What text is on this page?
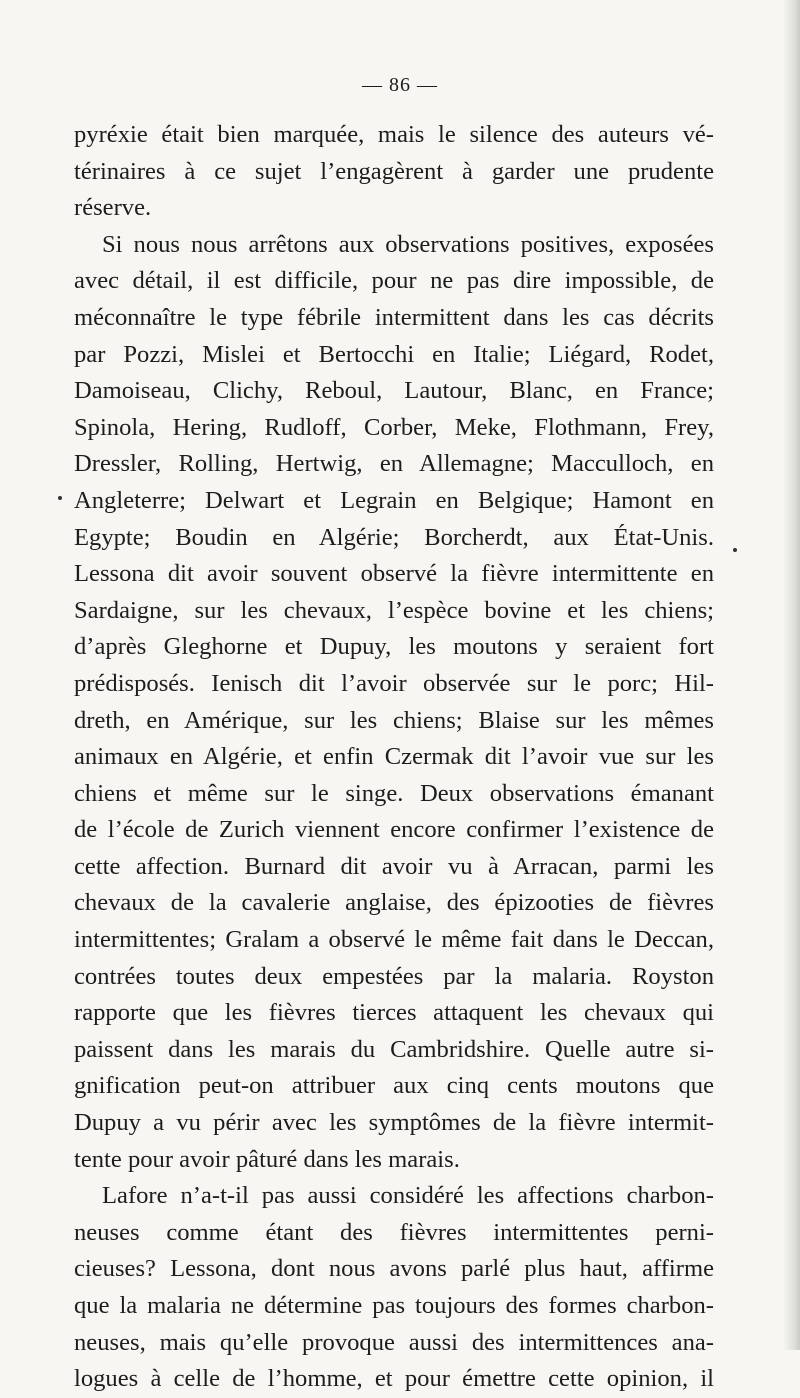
— 86 —
pyréxie était bien marquée, mais le silence des auteurs vé-
térinaires à ce sujet l’engagèrent à garder une prudente
réserve.
Si nous nous arrêtons aux observations positives, exposées
avec détail, il est difficile, pour ne pas dire impossible, de
méconnaître le type fébrile intermittent dans les cas décrits
par Pozzi, Mislei et Bertocchi en Italie; Liégard, Rodet,
Damoiseau, Clichy, Reboul, Lautour, Blanc, en France;
Spinola, Hering, Rudloff, Corber, Meke, Flothmann, Frey,
Dressler, Rolling, Hertwig, en Allemagne; Macculloch, en
Angleterre; Delwart et Legrain en Belgique; Hamont en
Egypte; Boudin en Algérie; Borcherdt, aux État-Unis.
Lessona dit avoir souvent observé la fièvre intermittente en
Sardaigne, sur les chevaux, l’espèce bovine et les chiens;
d’après Gleghorne et Dupuy, les moutons y seraient fort
prédisposés. Ienisch dit l’avoir observée sur le porc; Hil-
dreth, en Amérique, sur les chiens; Blaise sur les mêmes
animaux en Algérie, et enfin Czermak dit l’avoir vue sur les
chiens et même sur le singe. Deux observations émanant
de l’école de Zurich viennent encore confirmer l’existence de
cette affection. Burnard dit avoir vu à Arracan, parmi les
chevaux de la cavalerie anglaise, des épizooties de fièvres
intermittentes; Gralam a observé le même fait dans le Deccan,
contrées toutes deux empestées par la malaria. Royston
rapporte que les fièvres tierces attaquent les chevaux qui
paissent dans les marais du Cambridshire. Quelle autre si-
gnification peut-on attribuer aux cinq cents moutons que
Dupuy a vu périr avec les symptômes de la fièvre intermit-
tente pour avoir pâturé dans les marais.
Lafore n’a-t-il pas aussi considéré les affections charbon-
neuses comme étant des fièvres intermittentes perni-
cieuses? Lessona, dont nous avons parlé plus haut, affirme
que la malaria ne détermine pas toujours des formes charbon-
neuses, mais qu’elle provoque aussi des intermittences ana-
logues à celle de l’homme, et pour émettre cette opinion, il
